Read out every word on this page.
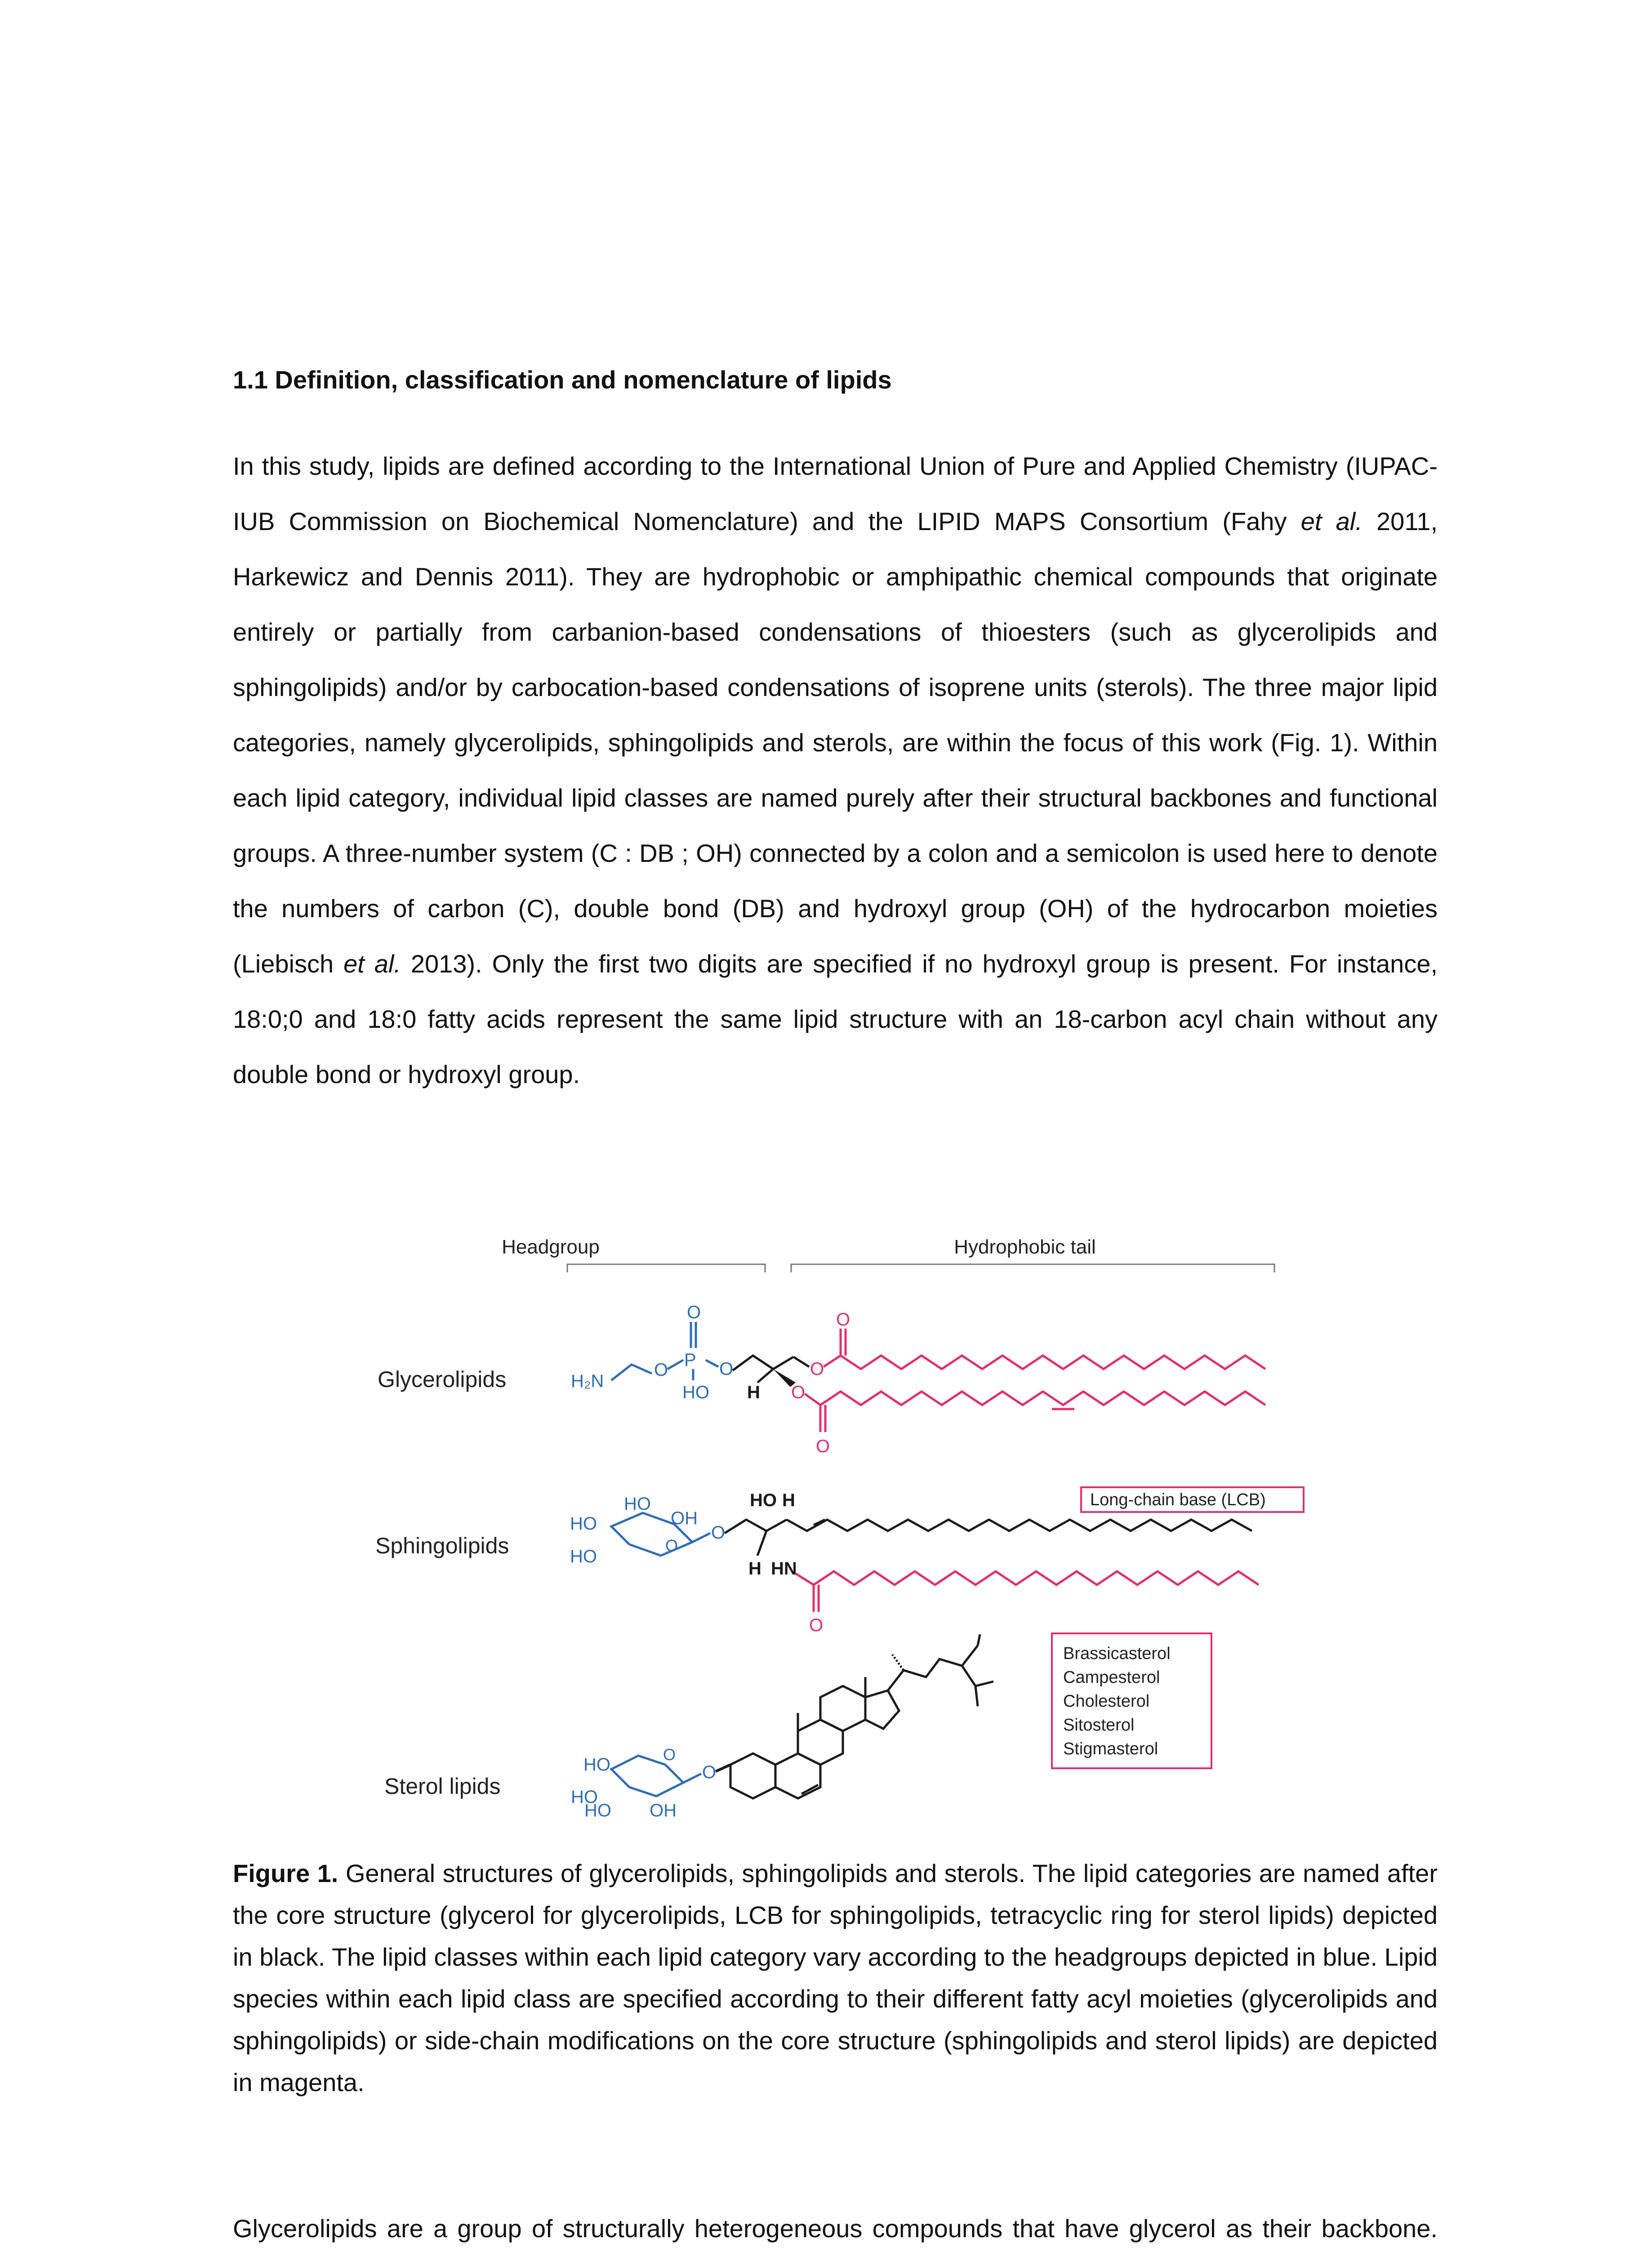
1.1 Definition, classification and nomenclature of lipids
In this study, lipids are defined according to the International Union of Pure and Applied Chemistry (IUPAC-IUB Commission on Biochemical Nomenclature) and the LIPID MAPS Consortium (Fahy et al. 2011, Harkewicz and Dennis 2011). They are hydrophobic or amphipathic chemical compounds that originate entirely or partially from carbanion-based condensations of thioesters (such as glycerolipids and sphingolipids) and/or by carbocation-based condensations of isoprene units (sterols). The three major lipid categories, namely glycerolipids, sphingolipids and sterols, are within the focus of this work (Fig. 1). Within each lipid category, individual lipid classes are named purely after their structural backbones and functional groups. A three-number system (C : DB ; OH) connected by a colon and a semicolon is used here to denote the numbers of carbon (C), double bond (DB) and hydroxyl group (OH) of the hydrocarbon moieties (Liebisch et al. 2013). Only the first two digits are specified if no hydroxyl group is present. For instance, 18:0;0 and 18:0 fatty acids represent the same lipid structure with an 18-carbon acyl chain without any double bond or hydroxyl group.
Headgroup	Hydrophobic tail
Glycerolipids
Sphingolipids
Sterol lipids
H₂N
O P
O
HO
O
H
O
O
O
O
HO
HO
OH
HO
O
O
HO H
H HN
Long-chain base (LCB)
O
HO
HO
HO OH
O
O
Brassicasterol
Campesterol
Cholesterol
Sitosterol
Stigmasterol
Figure 1. General structures of glycerolipids, sphingolipids and sterols. The lipid categories are named after the core structure (glycerol for glycerolipids, LCB for sphingolipids, tetracyclic ring for sterol lipids) depicted in black. The lipid classes within each lipid category vary according to the headgroups depicted in blue. Lipid species within each lipid class are specified according to their different fatty acyl moieties (glycerolipids and sphingolipids) or side-chain modifications on the core structure (sphingolipids and sterol lipids) are depicted in magenta.
Glycerolipids are a group of structurally heterogeneous compounds that have glycerol as their backbone.
